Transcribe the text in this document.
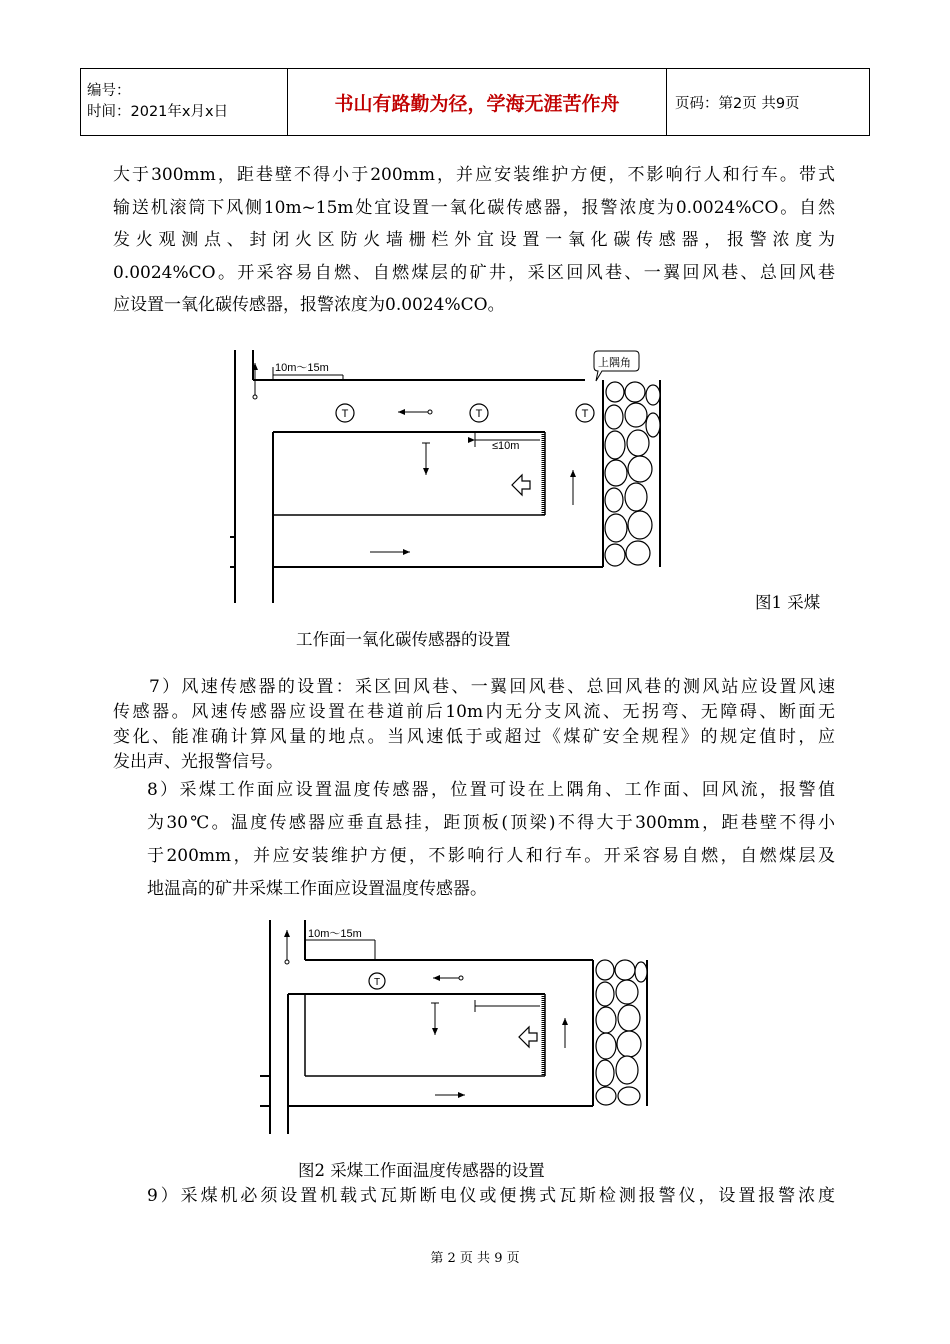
编号：
时间：2021年x月x日	书山有路勤为径，学海无涯苦作舟	页码：第2页 共9页
大于300mm，距巷壁不得小于200mm，并应安装维护方便，不影响行人和行车。带式
输送机滚筒下风侧10m~15m处宜设置一氧化碳传感器，报警浓度为0.0024%CO。自然
发火观测点、封闭火区防火墙栅栏外宜设置一氧化碳传感器，报警浓度为
0.0024%CO。开采容易自燃、自燃煤层的矿井，采区回风巷、一翼回风巷、总回风巷
应设置一氧化碳传感器，报警浓度为0.0024%CO。
≤10m
10m～15m	上隅角
T	T	T
图1 采煤
工作面一氧化碳传感器的设置
7）风速传感器的设置：采区回风巷、一翼回风巷、总回风巷的测风站应设置风速
传感器。风速传感器应设置在巷道前后10m内无分支风流、无拐弯、无障碍、断面无
变化、能准确计算风量的地点。当风速低于或超过《煤矿安全规程》的规定值时，应
发出声、光报警信号。
8）采煤工作面应设置温度传感器，位置可设在上隅角、工作面、回风流，报警值
为30℃。温度传感器应垂直悬挂，距顶板(顶梁)不得大于300mm，距巷壁不得小
于200mm，并应安装维护方便，不影响行人和行车。开采容易自燃，自燃煤层及
地温高的矿井采煤工作面应设置温度传感器。
10m～15m
T
图2 采煤工作面温度传感器的设置
9）采煤机必须设置机载式瓦斯断电仪或便携式瓦斯检测报警仪，设置报警浓度
第 2 页 共 9 页
